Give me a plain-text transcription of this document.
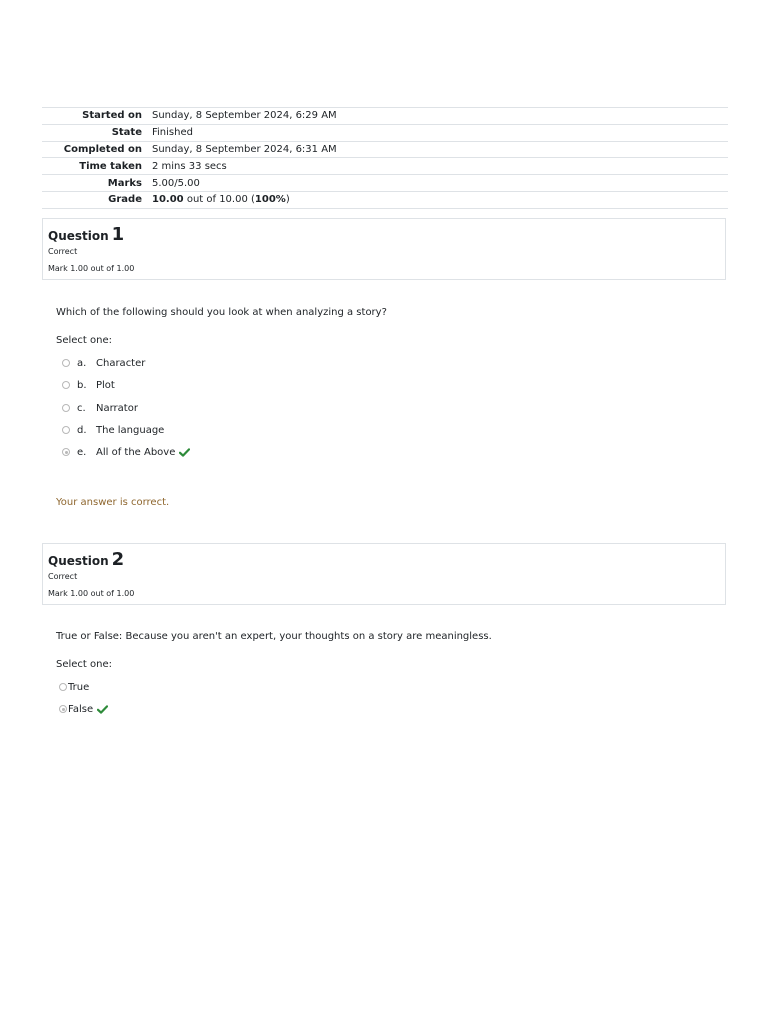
Started on	Sunday, 8 September 2024, 6:29 AM
State	Finished
Completed on	Sunday, 8 September 2024, 6:31 AM
Time taken	2 mins 33 secs
Marks	5.00/5.00
Grade	10.00 out of 10.00 (100%)
Question 1
Correct
Mark 1.00 out of 1.00
Which of the following should you look at when analyzing a story?
Select one:
a. Character
b. Plot
c.	Narrator
d. The language
e. All of the Above
Your answer is correct.
Question 2
Correct
Mark 1.00 out of 1.00
True or False: Because you aren't an expert, your thoughts on a story are meaningless.
Select one:
True
False
